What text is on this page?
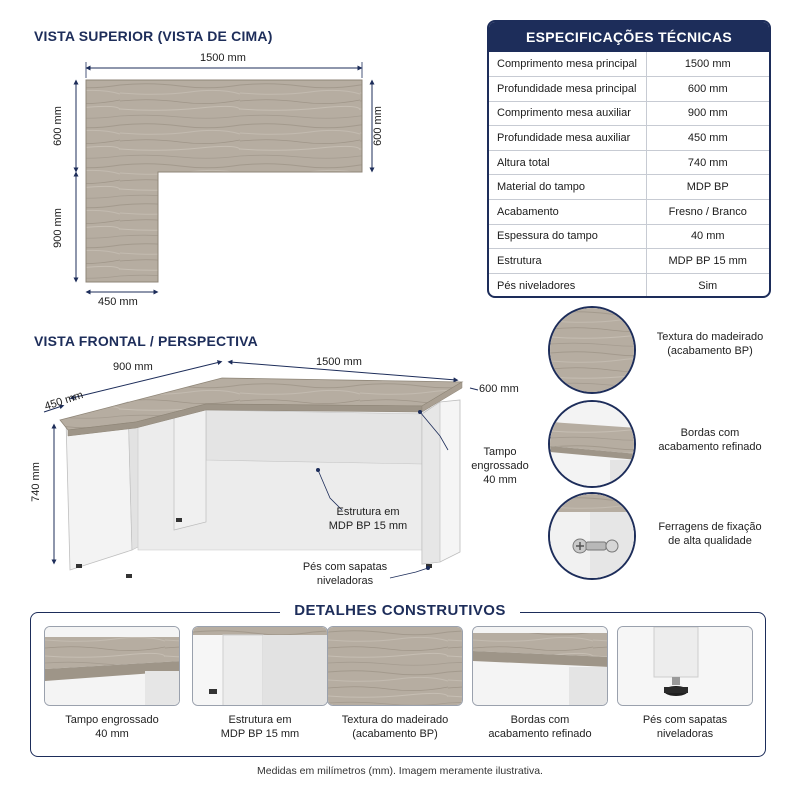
VISTA SUPERIOR (VISTA DE CIMA)
1500 mm
600 mm
900 mm
600 mm
450 mm
ESPECIFICAÇÕES TÉCNICAS
Comprimento mesa principal	1500 mm
Profundidade mesa principal	600 mm
Comprimento mesa auxiliar	900 mm
Profundidade mesa auxiliar	450 mm
Altura total	740 mm
Material do tampo	MDP BP
Acabamento	Fresno / Branco
Espessura do tampo	40 mm
Estrutura	MDP BP 15 mm
Pés niveladores	Sim
VISTA FRONTAL / PERSPECTIVA
900 mm	1500 mm
600 mm
450 mm
740 mm
Tampo
engrossado
40 mm
Estrutura em
MDP BP 15 mm
Pés com sapatas
niveladoras
Textura do madeirado
(acabamento BP)
Bordas com
acabamento refinado
Ferragens de fixação
de alta qualidade
DETALHES CONSTRUTIVOS
Tampo engrossado
40 mm
Estrutura em
MDP BP 15 mm
Textura do madeirado
(acabamento BP)
Bordas com
acabamento refinado
Pés com sapatas
niveladoras
Medidas em milímetros (mm). Imagem meramente ilustrativa.
